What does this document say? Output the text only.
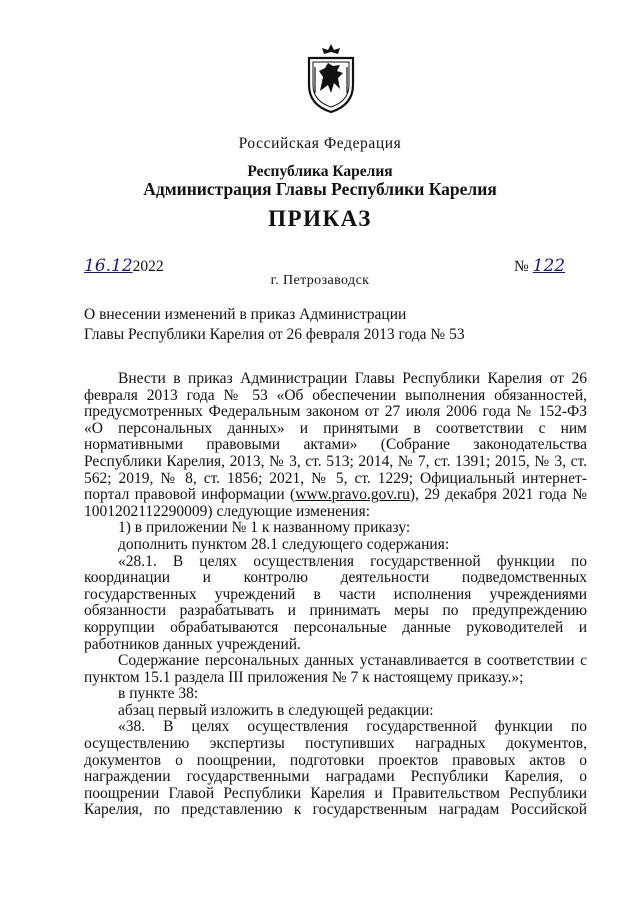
Российская Федерация
Республика Карелия
Администрация Главы Республики Карелия
ПРИКАЗ
16.122022
г. Петрозаводск
№ 122
О внесении изменений в приказ Администрации
Главы Республики Карелия от 26 февраля 2013 года № 53

Внести в приказ Администрации Главы Республики Карелия от 26 февраля 2013 года № 53 «Об обеспечении выполнения обязанностей, предусмотренных Федеральным законом от 27 июля 2006 года № 152-ФЗ «О персональных данных» и принятыми в соответствии с ним нормативными правовыми актами» (Собрание законодательства Республики Карелия, 2013, № 3, ст. 513; 2014, № 7, ст. 1391; 2015, № 3, ст. 562; 2019, № 8, ст. 1856; 2021, № 5, ст. 1229; Официальный интернет-портал правовой информации (www.pravo.gov.ru), 29 декабря 2021 года № 1001202112290009) следующие изменения:

1) в приложении № 1 к названному приказу:

дополнить пунктом 28.1 следующего содержания:

«28.1. В целях осуществления государственной функции по координации и контролю деятельности подведомственных государственных учреждений в части исполнения учреждениями обязанности разрабатывать и принимать меры по предупреждению коррупции обрабатываются персональные данные руководителей и работников данных учреждений.

Содержание персональных данных устанавливается в соответствии с пунктом 15.1 раздела III приложения № 7 к настоящему приказу.»;

в пункте 38:

абзац первый изложить в следующей редакции:

«38. В целях осуществления государственной функции по осуществлению экспертизы поступивших наградных документов, документов о поощрении, подготовки проектов правовых актов о награждении государственными наградами Республики Карелия, о поощрении Главой Республики Карелия и Правительством Республики Карелия, по представлению к государственным наградам Российской
